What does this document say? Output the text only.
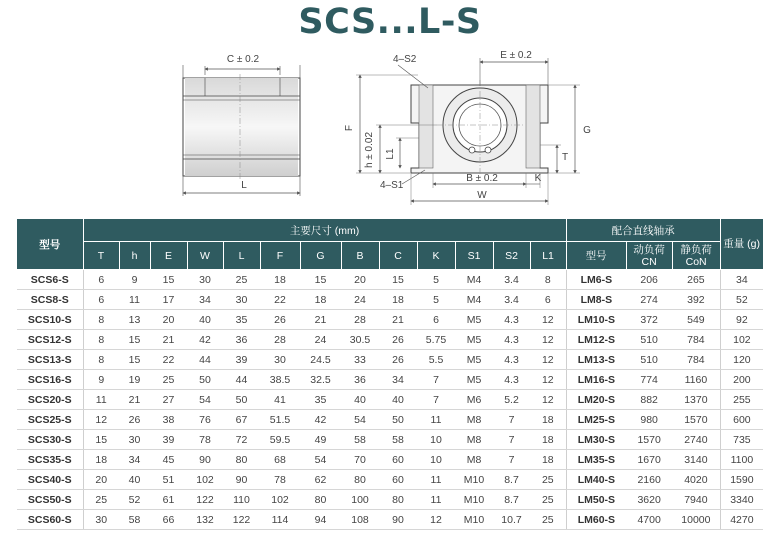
SCS...L-S
C ± 0.2
L
E ± 0.2
4–S2
F
h ± 0.02 L1
G
T
4–S1
B ± 0.2	K
W
型号	主要尺寸 (mm)													配合直线轴承			重量 (g)
	T	h	E	W	L	F	G	B	C	K	S1	S2	L1	型号	动负荷 CN	静负荷 CoN	
SCS6-S	6	9	15	30	25	18	15	20	15	5	M4	3.4	8	LM6-S	206	265	34
SCS8-S	6	11	17	34	30	22	18	24	18	5	M4	3.4	6	LM8-S	274	392	52
SCS10-S	8	13	20	40	35	26	21	28	21	6	M5	4.3	12	LM10-S	372	549	92
SCS12-S	8	15	21	42	36	28	24	30.5	26	5.75	M5	4.3	12	LM12-S	510	784	102
SCS13-S	8	15	22	44	39	30	24.5	33	26	5.5	M5	4.3	12	LM13-S	510	784	120
SCS16-S	9	19	25	50	44	38.5	32.5	36	34	7	M5	4.3	12	LM16-S	774	1160	200
SCS20-S	11	21	27	54	50	41	35	40	40	7	M6	5.2	12	LM20-S	882	1370	255
SCS25-S	12	26	38	76	67	51.5	42	54	50	11	M8	7	18	LM25-S	980	1570	600
SCS30-S	15	30	39	78	72	59.5	49	58	58	10	M8	7	18	LM30-S	1570	2740	735
SCS35-S	18	34	45	90	80	68	54	70	60	10	M8	7	18	LM35-S	1670	3140	1100
SCS40-S	20	40	51	102	90	78	62	80	60	11	M10	8.7	25	LM40-S	2160	4020	1590
SCS50-S	25	52	61	122	110	102	80	100	80	11	M10	8.7	25	LM50-S	3620	7940	3340
SCS60-S	30	58	66	132	122	114	94	108	90	12	M10	10.7	25	LM60-S	4700	10000	4270
